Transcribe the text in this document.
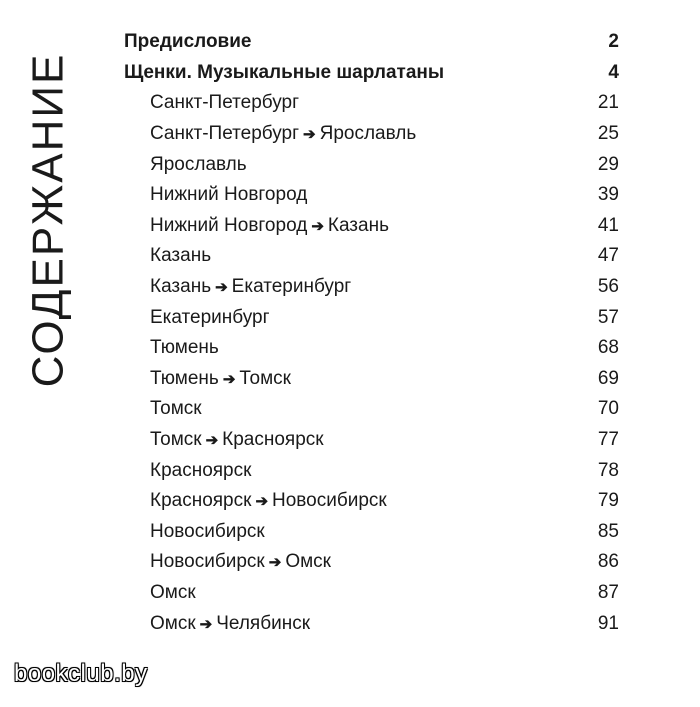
СОДЕРЖАНИЕ
Предисловие	2
Щенки. Музыкальные шарлатаны	4
Санкт-Петербург	21
Санкт-Петербург ➔ Ярославль	25
Ярославль	29
Нижний Новгород	39
Нижний Новгород ➔ Казань	41
Казань	47
Казань ➔ Екатеринбург	56
Екатеринбург	57
Тюмень	68
Тюмень ➔ Томск	69
Томск	70
Томск ➔ Красноярск	77
Красноярск	78
Красноярск ➔ Новосибирск	79
Новосибирск	85
Новосибирск ➔ Омск	86
Омск	87
Омск ➔ Челябинск	91
bookclub.by
